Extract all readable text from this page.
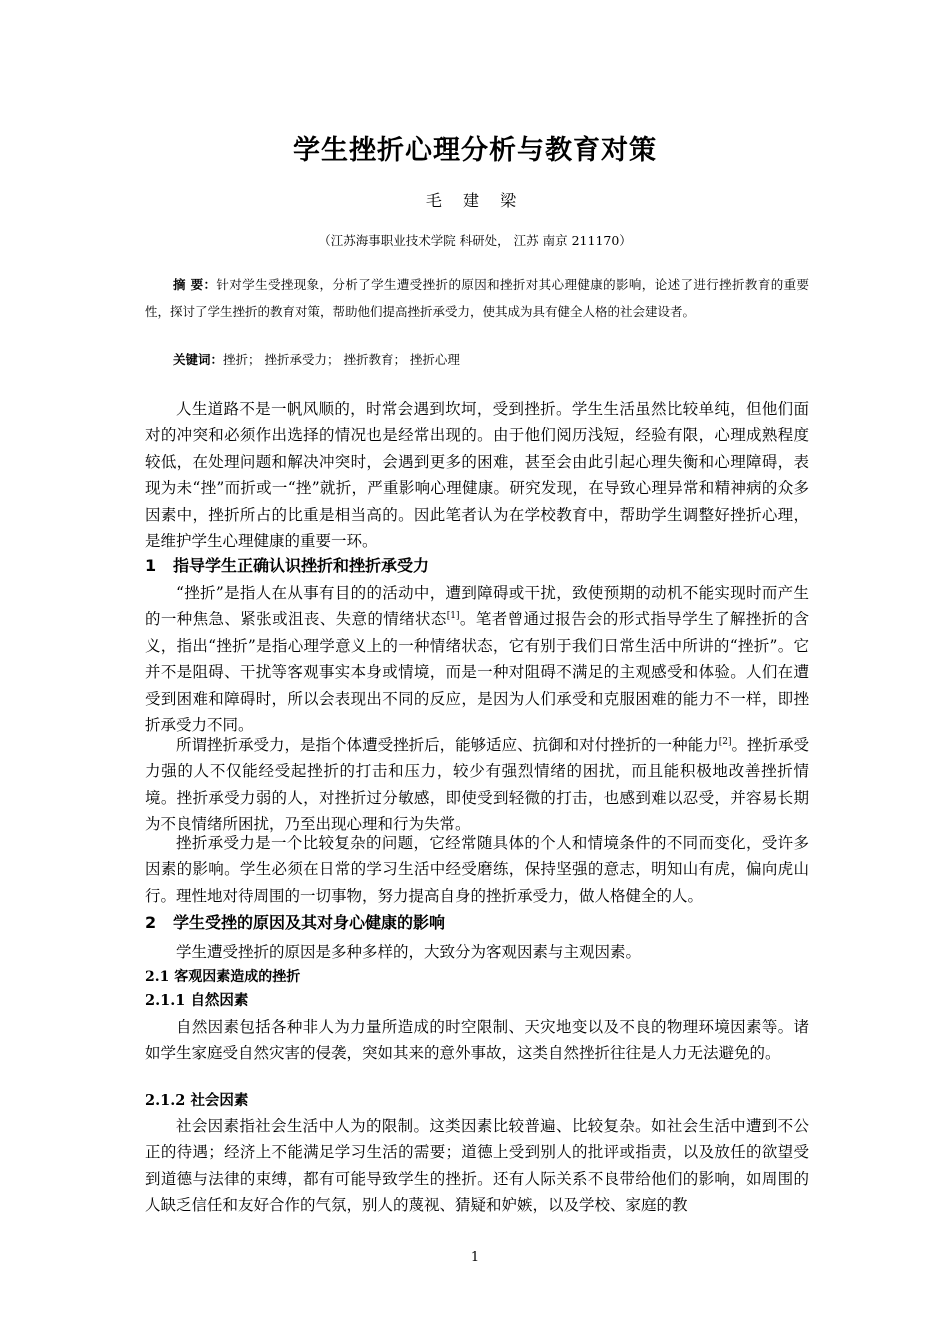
学生挫折心理分析与教育对策
毛 建 梁
（江苏海事职业技术学院 科研处， 江苏 南京 211170）
摘 要：针对学生受挫现象，分析了学生遭受挫折的原因和挫折对其心理健康的影响，论述了进行挫折教育的重要性，探讨了学生挫折的教育对策，帮助他们提高挫折承受力，使其成为具有健全人格的社会建设者。
关键词：挫折； 挫折承受力； 挫折教育； 挫折心理

人生道路不是一帆风顺的，时常会遇到坎坷，受到挫折。学生生活虽然比较单纯，但他们面对的冲突和必须作出选择的情况也是经常出现的。由于他们阅历浅短，经验有限，心理成熟程度较低，在处理问题和解决冲突时，会遇到更多的困难，甚至会由此引起心理失衡和心理障碍，表现为未“挫”而折或一“挫”就折，严重影响心理健康。研究发现，在导致心理异常和精神病的众多因素中，挫折所占的比重是相当高的。因此笔者认为在学校教育中，帮助学生调整好挫折心理，是维护学生心理健康的重要一环。

1 指导学生正确认识挫折和挫折承受力

“挫折”是指人在从事有目的的活动中，遭到障碍或干扰，致使预期的动机不能实现时而产生的一种焦急、紧张或沮丧、失意的情绪状态[1]。笔者曾通过报告会的形式指导学生了解挫折的含义，指出“挫折”是指心理学意义上的一种情绪状态，它有别于我们日常生活中所讲的“挫折”。它并不是阻碍、干扰等客观事实本身或情境，而是一种对阻碍不满足的主观感受和体验。人们在遭受到困难和障碍时，所以会表现出不同的反应，是因为人们承受和克服困难的能力不一样，即挫折承受力不同。

所谓挫折承受力，是指个体遭受挫折后，能够适应、抗御和对付挫折的一种能力[2]。挫折承受力强的人不仅能经受起挫折的打击和压力，较少有强烈情绪的困扰，而且能积极地改善挫折情境。挫折承受力弱的人，对挫折过分敏感，即使受到轻微的打击，也感到难以忍受，并容易长期为不良情绪所困扰，乃至出现心理和行为失常。

挫折承受力是一个比较复杂的问题，它经常随具体的个人和情境条件的不同而变化，受许多因素的影响。学生必须在日常的学习生活中经受磨练，保持坚强的意志，明知山有虎，偏向虎山行。理性地对待周围的一切事物，努力提高自身的挫折承受力，做人格健全的人。

2 学生受挫的原因及其对身心健康的影响

学生遭受挫折的原因是多种多样的，大致分为客观因素与主观因素。

2.1 客观因素造成的挫折
2.1.1 自然因素

自然因素包括各种非人为力量所造成的时空限制、天灾地变以及不良的物理环境因素等。诸如学生家庭受自然灾害的侵袭，突如其来的意外事故，这类自然挫折往往是人力无法避免的。

2.1.2 社会因素

社会因素指社会生活中人为的限制。这类因素比较普遍、比较复杂。如社会生活中遭到不公正的待遇；经济上不能满足学习生活的需要；道德上受到别人的批评或指责，以及放任的欲望受到道德与法律的束缚，都有可能导致学生的挫折。还有人际关系不良带给他们的影响，如周围的人缺乏信任和友好合作的气氛，别人的蔑视、猜疑和妒嫉，以及学校、家庭的教

1
